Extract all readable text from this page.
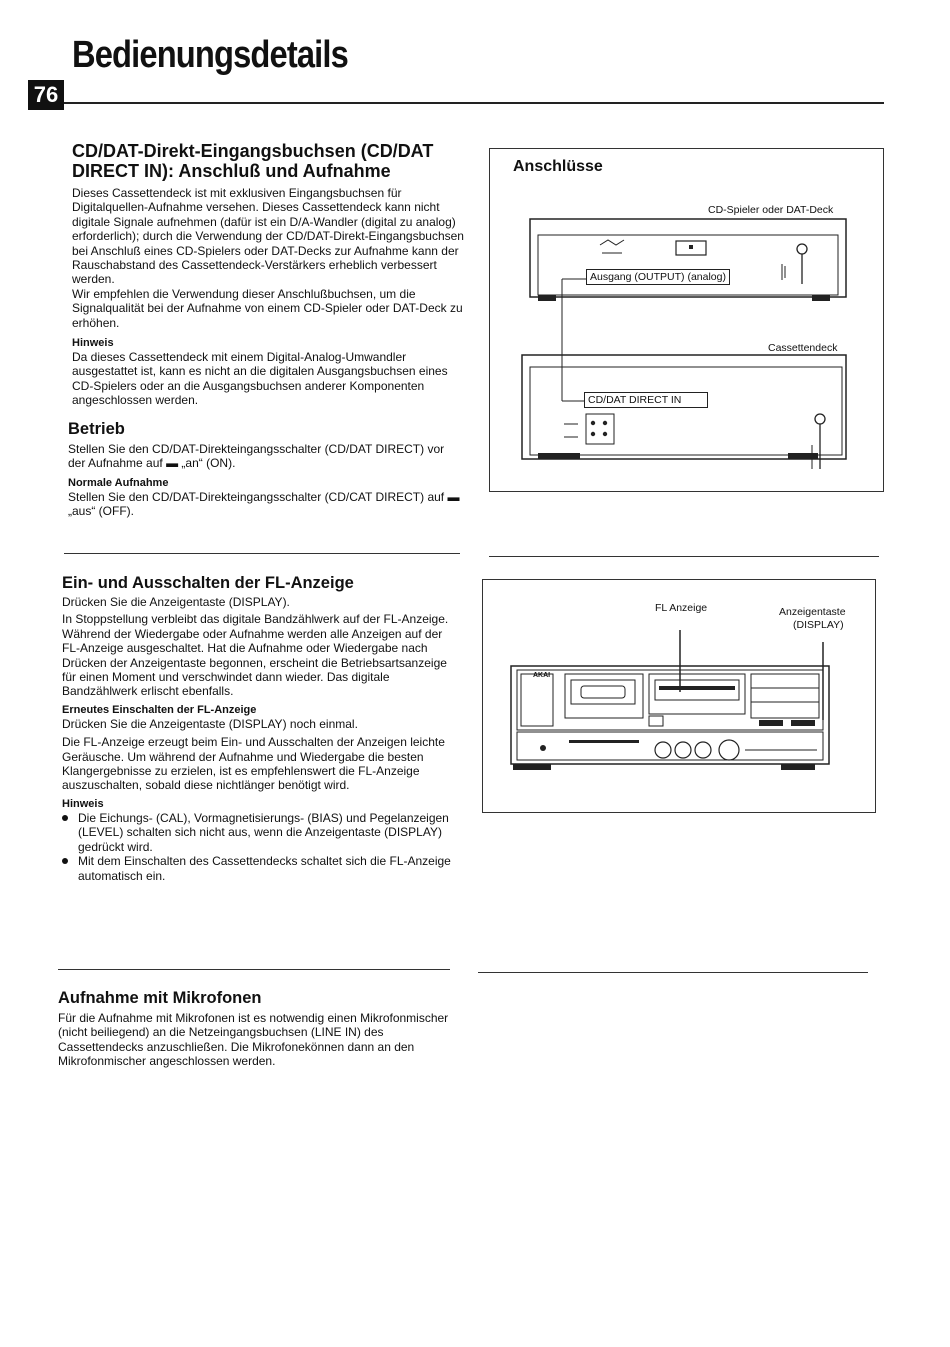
Bedienungsdetails
76
CD/DAT-Direkt-Eingangsbuchsen (CD/DAT
DIRECT IN): Anschluß und Aufnahme
Dieses Cassettendeck ist mit exklusiven Eingangsbuchsen für Digitalquellen-Aufnahme versehen. Dieses Cassettendeck kann nicht digitale Signale aufnehmen (dafür ist ein D/A-Wandler (digital zu analog) erforderlich); durch die Verwendung der CD/DAT-Direkt-Eingangsbuchsen bei Anschluß eines CD-Spielers oder DAT-Decks zur Aufnahme kann der Rauschabstand des Cassettendeck-Verstärkers erheblich verbessert werden.
Wir empfehlen die Verwendung dieser Anschlußbuchsen, um die Signalqualität bei der Aufnahme von einem CD-Spieler oder DAT-Deck zu erhöhen.
Hinweis
Da dieses Cassettendeck mit einem Digital-Analog-Umwandler ausgestattet ist, kann es nicht an die digitalen Ausgangsbuchsen eines CD-Spielers oder an die Ausgangsbuchsen anderer Komponenten angeschlossen werden.
Betrieb
Stellen Sie den CD/DAT-Direkteingangsschalter (CD/DAT DIRECT) vor der Aufnahme auf ▬ „an“ (ON).
Normale Aufnahme
Stellen Sie den CD/DAT-Direkteingangsschalter (CD/CAT DIRECT) auf ▬ „aus“ (OFF).
Anschlüsse
CD-Spieler oder DAT-Deck
Cassettendeck
Ausgang (OUTPUT) (analog)
CD/DAT DIRECT IN
Ein- und Ausschalten der FL-Anzeige
Drücken Sie die Anzeigentaste (DISPLAY).
In Stoppstellung verbleibt das digitale Bandzählwerk auf der FL-Anzeige. Während der Wiedergabe oder Aufnahme werden alle Anzeigen auf der FL-Anzeige ausgeschaltet. Hat die Aufnahme oder Wiedergabe nach Drücken der Anzeigentaste begonnen, erscheint die Betriebsartsanzeige für einen Moment und verschwindet dann wieder. Das digitale Bandzählwerk erlischt ebenfalls.
Erneutes Einschalten der FL-Anzeige
Drücken Sie die Anzeigentaste (DISPLAY) noch einmal.
Die FL-Anzeige erzeugt beim Ein- und Ausschalten der Anzeigen leichte Geräusche. Um während der Aufnahme und Wiedergabe die besten Klangergebnisse zu erzielen, ist es empfehlenswert die FL-Anzeige auszuschalten, sobald diese nichtlänger benötigt wird.
Hinweis
Die Eichungs- (CAL), Vormagnetisierungs- (BIAS) und Pegelanzeigen (LEVEL) schalten sich nicht aus, wenn die Anzeigentaste (DISPLAY) gedrückt wird.
Mit dem Einschalten des Cassettendecks schaltet sich die FL-Anzeige automatisch ein.
FL Anzeige	Anzeigentaste
(DISPLAY)
AKAI
Aufnahme mit Mikrofonen
Für die Aufnahme mit Mikrofonen ist es notwendig einen Mikrofonmischer (nicht beiliegend) an die Netzeingangsbuchsen (LINE IN) des Cassettendecks anzuschließen. Die Mikrofonekönnen dann an den Mikrofonmischer angeschlossen werden.
